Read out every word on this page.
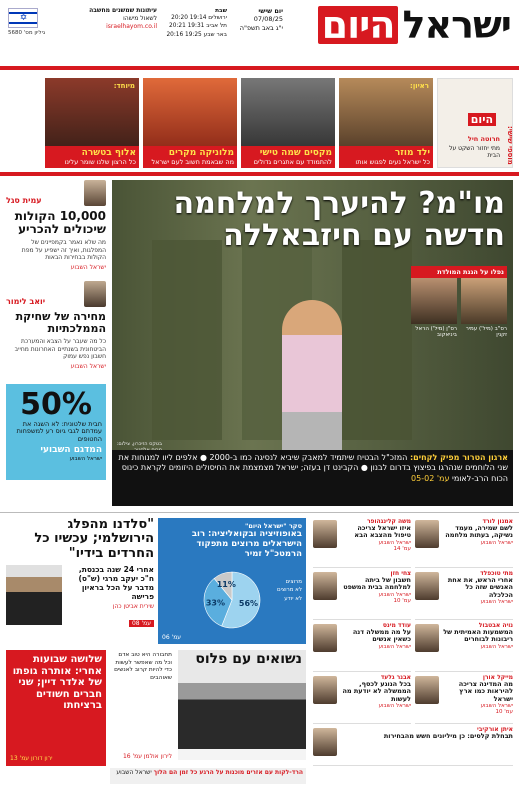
ישראל
היום
יום שישי
07/08/25
י"ג באב תשפ"ה
שבת
ירושלים 19:14 20:20
תל אביב 19:31 20:21
באר שבע 19:25 20:16
עיתונות שמשנים מחשבה
לשאול מישהו
israelhayom.co.il
✡
גיליון מס' 5680
ראיון:
ילד מוזר
כל ישראל נעים לפגוש אותו
מקסים שמה טישי
להתמודד עם אתגרים גדולים
מלוניקה מקרים
מה שבאמת חשוב לעם ישראל
מיוחד:
אלוף בטשרה
כל הרצון שלנו שומר עלינו	מוספי שישי:
היום
חרוטה חיל
מתי יחזור השקט על הבית
עמית סגל
10,000 הקולות שיכולים להכריע
מה שלא נאמר בקמפיינים של המפלגות, ואיך זה ישפיע על מפת הקולות בבחירות הבאות
ישראל השבוע
יואב לימור
מחירה של שחיקת הממלכתיות
כל מה שעבר על הצבא והמערכת הביטחונית בשנתיים האחרונות מחייב חשבון נפש עמוק
ישראל השבוע
50%
חבית שלטונית: לא השגה את עמדתם לגבי גיוס רע למשפחות החטופים
המדגם השבועי
ישראל השבוע
מו"מ? להיערך למלחמה
חדשה עם חיזבאללה
נפלו על הגנת המולדת
רס"ב (מיל') עמיר זקנין
רס"ן (מיל') הראל ביניאקוב
בטקס הזיכרון, צילום:
ארגון הטרור מפיק לקחים: המזכ"ל הבטיח שיתמיד למאבק שיביא לנסיגה כמו ב-2000 ● אלפים ליוו למנוחות את שני הלוחמים שנהרגו בפיצוץ בדרום לבנון ● הקבינט דן בעזה; ישראל מצמצמת את החיסולים היזומים לקראת כינוס הכוח הרב-לאומי עמ' 05-02
"סלדנו מהפלג הירושלמי; עכשיו כל החרדים בידיו"
אחרי 24 שנה בכנסת, ח"כ יעקב מרגי (ש"ס) מדבר על הכל בראיון פרישה
שירית אביטן כהן
עמ' 08
סקר "ישראל היום"
באופוזיציה ובקואליציה: רוב הישראלים מרוצים מתפקוד הרמטכ"ל זמיר
56%
33%
11%	מרוצים
לא מרוצים
לא יודע
עמ' 06
אמנון לורד
לשם שמירה, מעמד נשיקה, בעתות מלחמה
ישראל השבוע
משה קלינגהופר
איזו ישראל צריכה טיפול מהצבא הבא
ישראל השבוע
עמ' 14
מתי טוכפלד
אחרי הראש, את אחת האנשים שזה כל הכלכלה
ישראל השבוע
צחי חזן
חשבון של ביתה למלחמה בבית המשפט
ישראל השבוע
עמ' 10
נויה אבטבול
המשמעות האמיתית של ריבונות לבוחרים
ישראל השבוע
עודד מינס
על מה ממשלה דנה כשאין אנשים
ישראל השבוע
מייקל אורן
מה המדינה צריכה להיראות כמו ארץ ישראל
ישראל השבוע
עמ' 10
אבנר גלעד
בכל הנוגע לכסף, הממשלה לא יודעת מה לעשות
ישראל השבוע
איתן אורקיבי
תבחלת קלסים: כן מיליונים חשש מהבחירות
שלושה שבועות אחרי: אותרה גופתו של אלדר דיין; שני חברים חשודים ברציחתו
ירון דורון עמ' 13
נשואים עם פלוס
תחבורה היא טוב אדם וכל מה שאפשר לעשות כדי להיות קרוב לאנשים שאוהבים
לירון אולמן עמ' 16
הרד-לקות עם אזרים מוכנות על הרגע כל זמן הם הלוך ישראל השבוע
